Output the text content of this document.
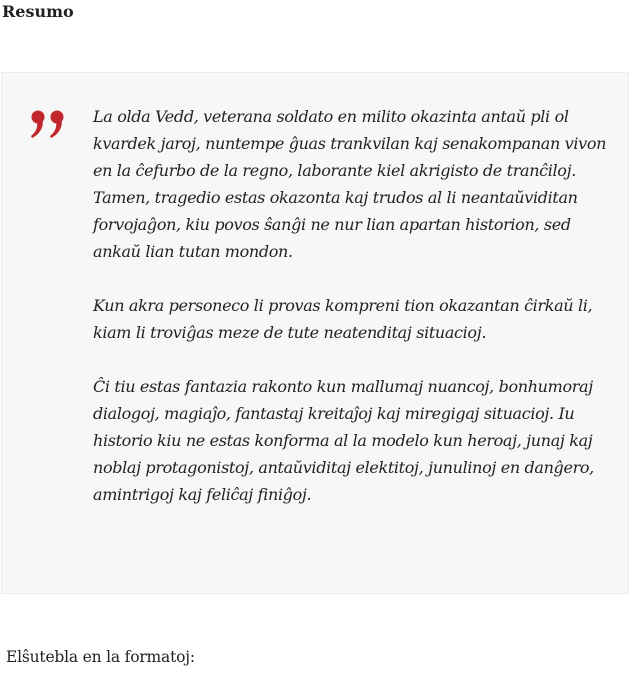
Resumo

La olda Vedd, veterana soldato en milito okazinta antaŭ pli ol kvardek jaroj, nuntempe ĝuas trankvilan kaj senakompanan vivon en la ĉefurbo de la regno, laborante kiel akrigisto de tranĉiloj. Tamen, tragedio estas okazonta kaj trudos al li neantaŭviditan forvojaĝon, kiu povos ŝanĝi ne nur lian apartan historion, sed ankaŭ lian tutan mondon.

Kun akra personeco li provas kompreni tion okazantan ĉirkaŭ li, kiam li troviĝas meze de tute neatenditaj situacioj.

Ĉi tiu estas fantazia rakonto kun mallumaj nuancoj, bonhumoraj dialogoj, magiaĵo, fantastaj kreitaĵoj kaj miregigaj situacioj. Iu historio kiu ne estas konforma al la modelo kun heroaj, junaj kaj noblaj protagonistoj, antaŭviditaj elektitoj, junulinoj en danĝero, amintrigoj kaj feliĉaj finiĝoj.

Elŝutebla en la formatoj:
